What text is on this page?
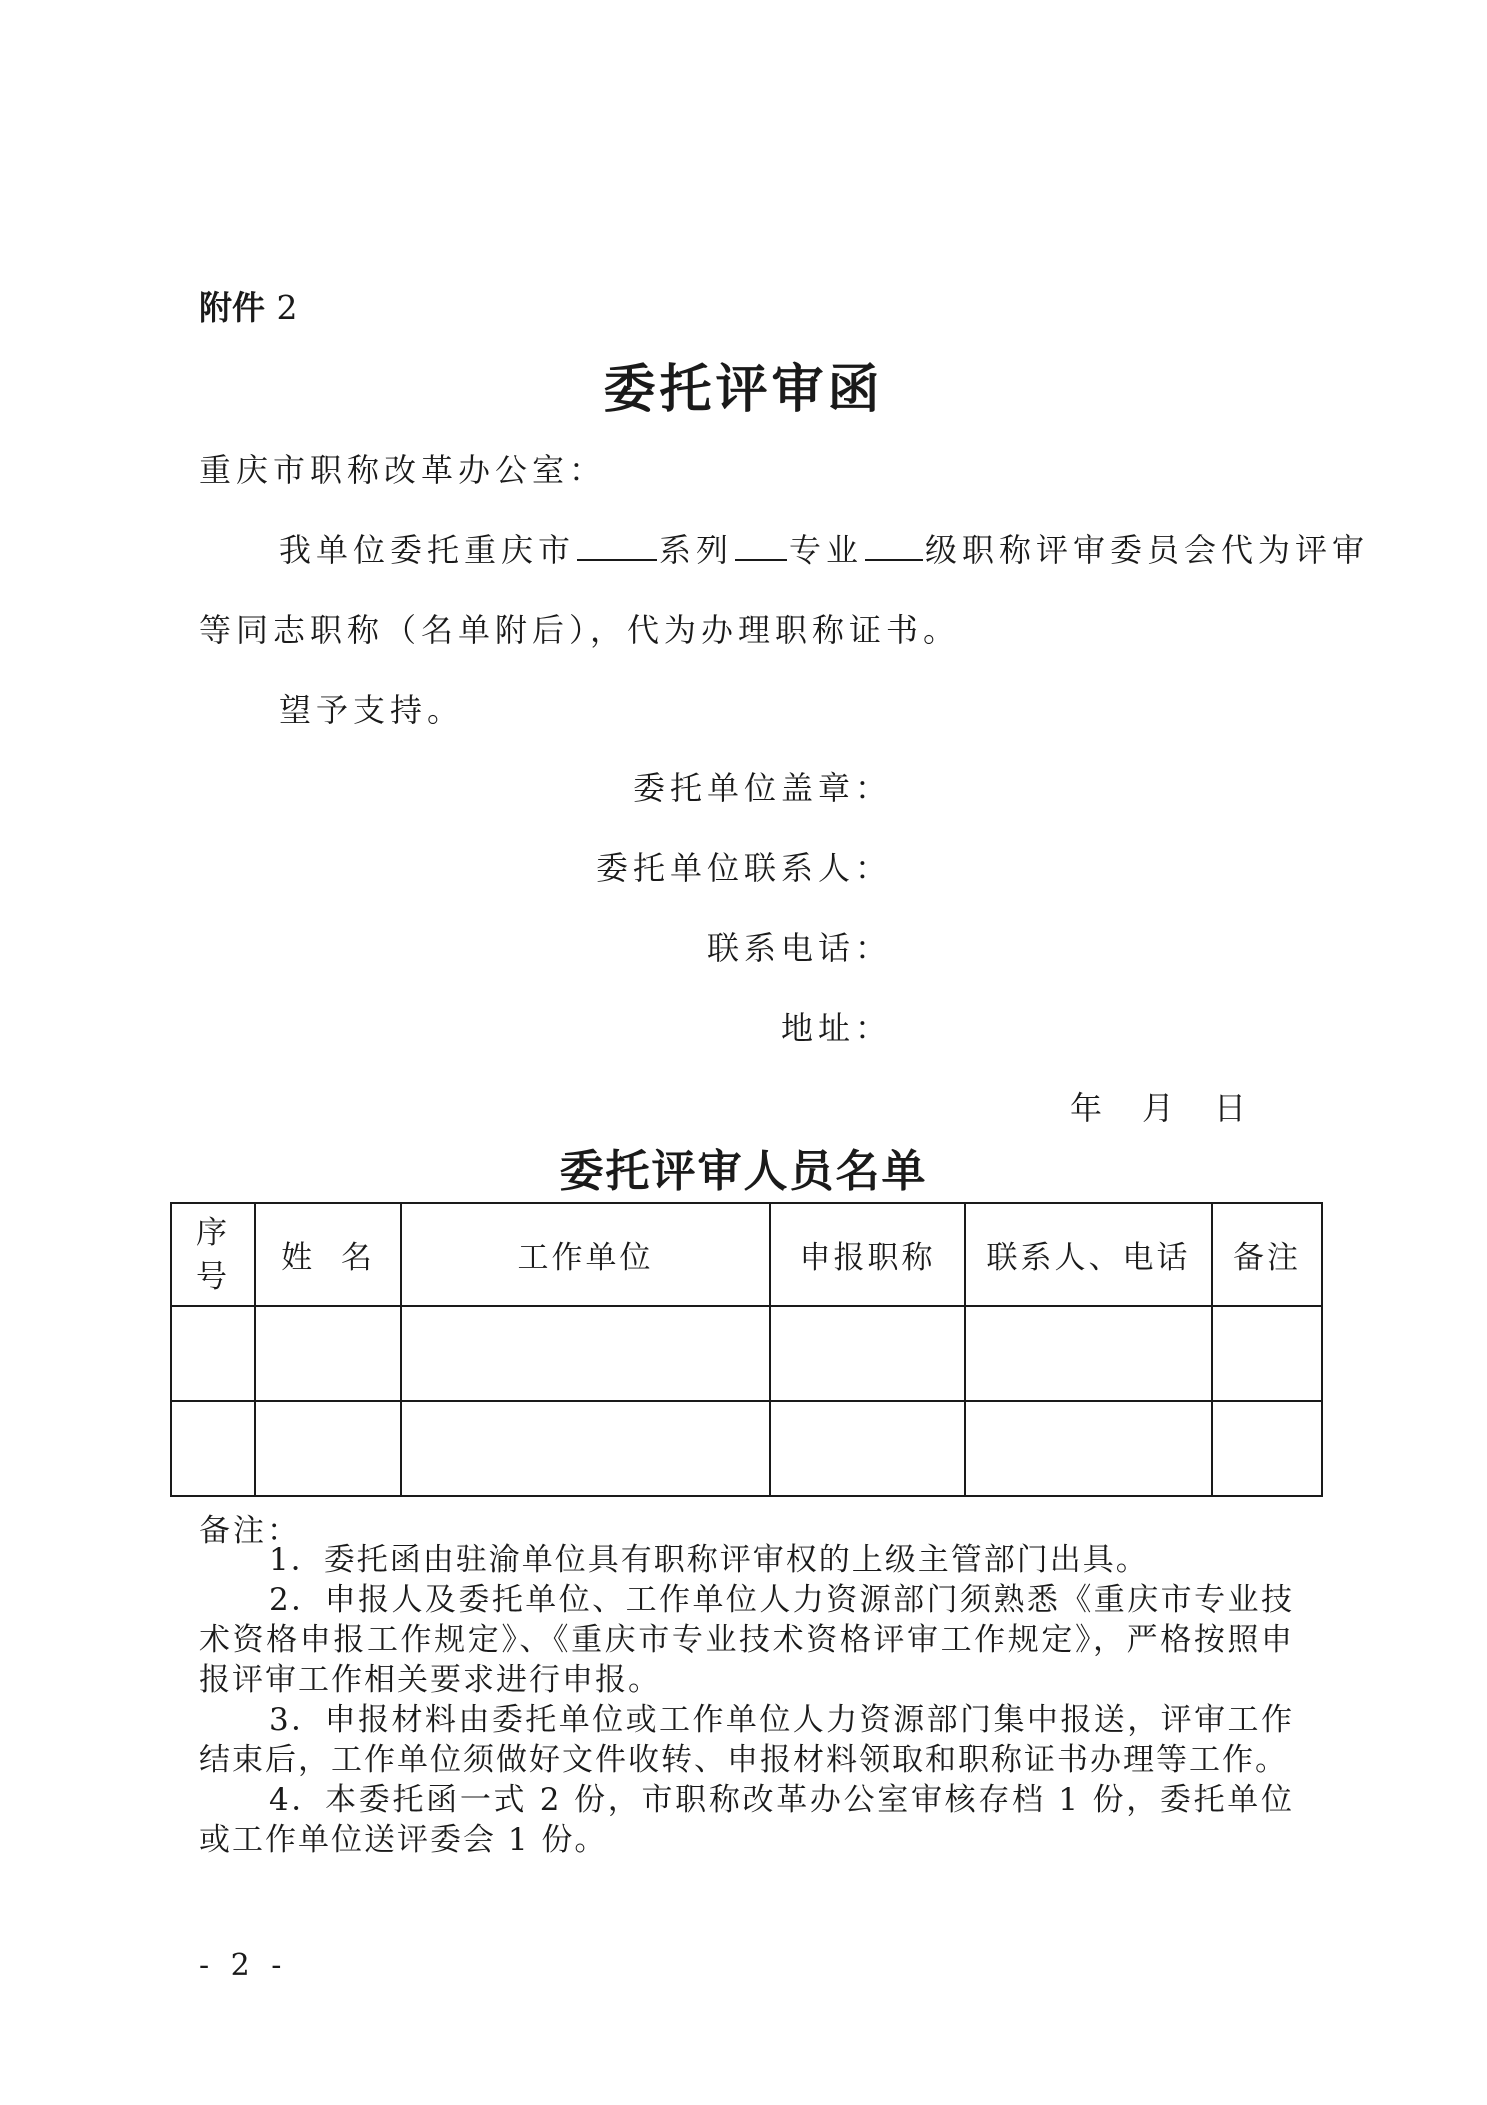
附件 2
委托评审函
重庆市职称改革办公室：
我单位委托重庆市	系列 专业 级职称评审委员会代为评审
等同志职称（名单附后），代为办理职称证书。
望予支持。
委托单位盖章：
委托单位联系人：
联系电话：
地址：
年 月 日
委托评审人员名单
序
号	姓  名	工作单位	申报职称	联系人、电话	备注

备注：

1．委托函由驻渝单位具有职称评审权的上级主管部门出具。

2．申报人及委托单位、工作单位人力资源部门须熟悉《重庆市专业技术资格申报工作规定》、《重庆市专业技术资格评审工作规定》，严格按照申报评审工作相关要求进行申报。

3．申报材料由委托单位或工作单位人力资源部门集中报送，评审工作结束后，工作单位须做好文件收转、申报材料领取和职称证书办理等工作。

4．本委托函一式 2 份，市职称改革办公室审核存档 1 份，委托单位或工作单位送评委会 1 份。

- 2 -
